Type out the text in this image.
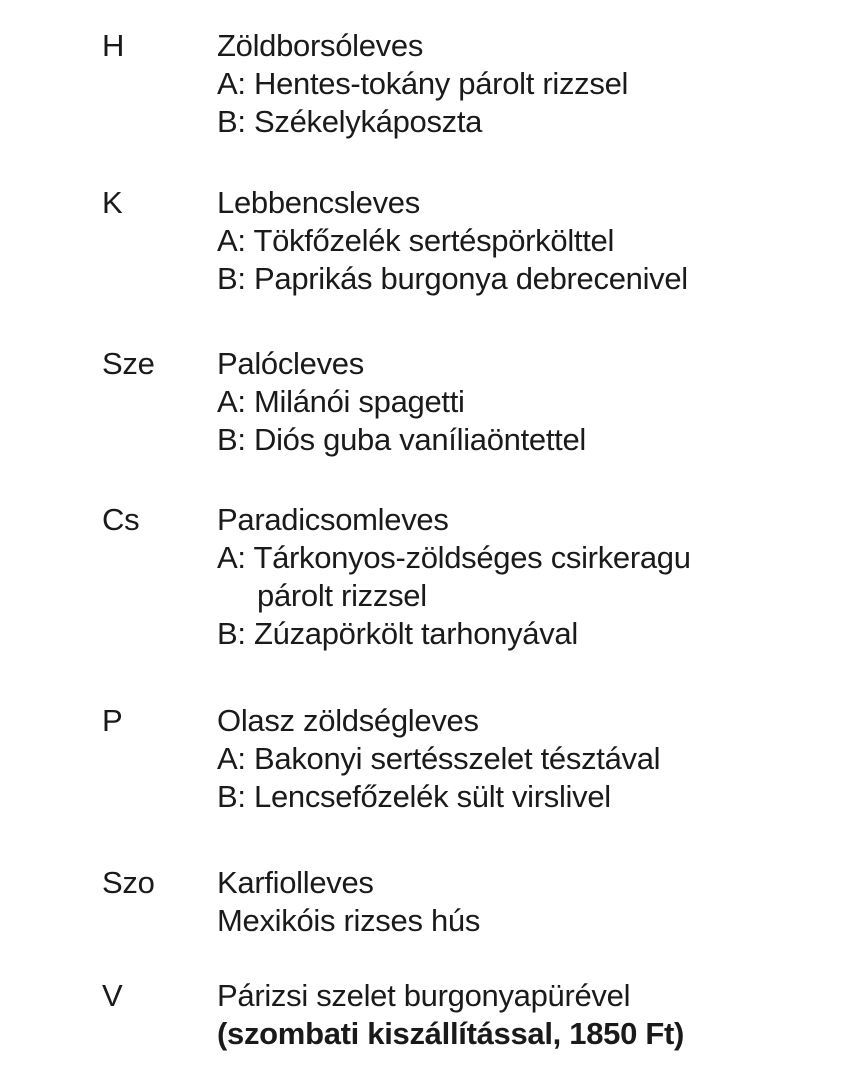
H	Zöldborsóleves
A: Hentes-tokány párolt rizzsel
B: Székelykáposzta
K	Lebbencsleves
A: Tökfőzelék sertéspörkölttel
B: Paprikás burgonya debrecenivel
Sze Palócleves
A: Milánói spagetti
B: Diós guba vaníliaöntettel
Cs	Paradicsomleves
A: Tárkonyos-zöldséges csirkeragu
párolt rizzsel
B: Zúzapörkölt tarhonyával
P	Olasz zöldségleves
A: Bakonyi sertésszelet tésztával
B: Lencsefőzelék sült virslivel
Szo Karfiolleves
Mexikóis rizses hús
V	Párizsi szelet burgonyapürével
(szombati kiszállítással, 1850 Ft)
